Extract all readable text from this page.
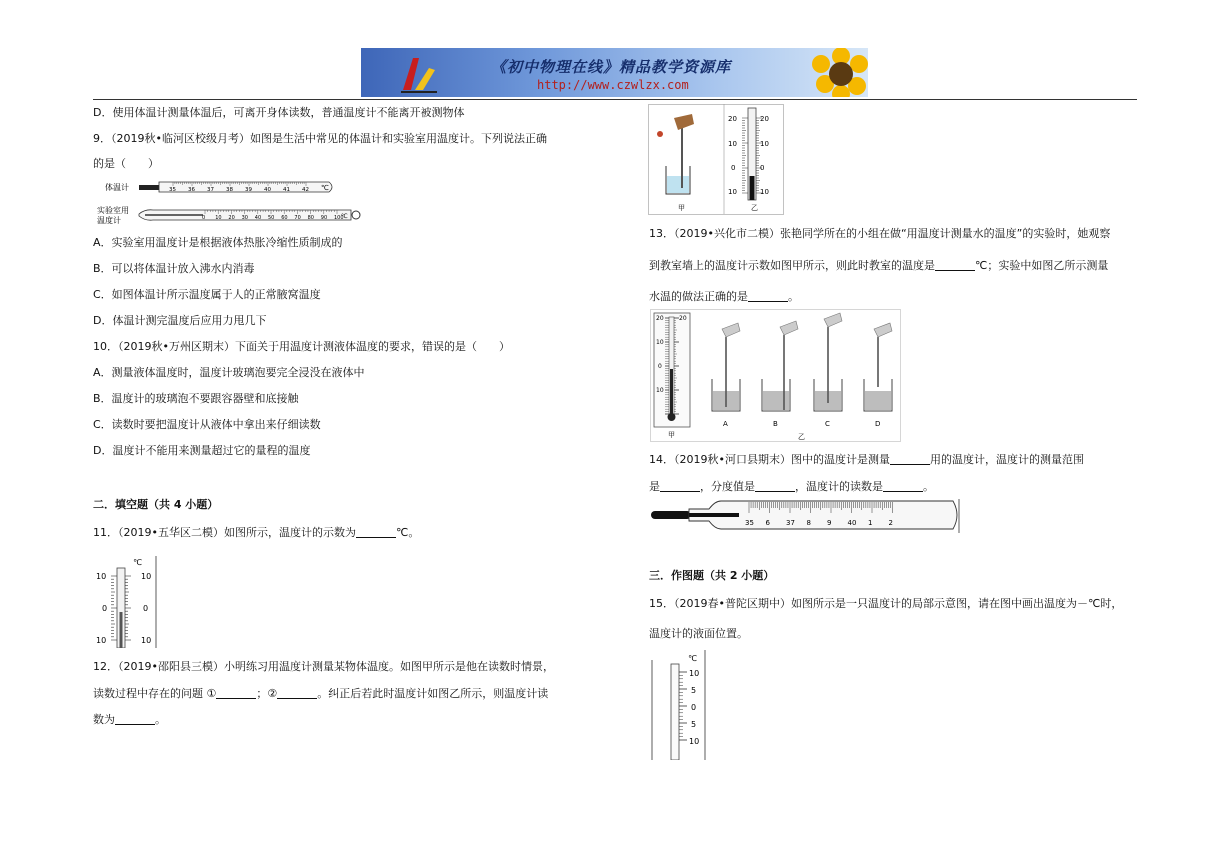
《初中物理在线》精品教学资源库
http://www.czwlzx.com
D．使用体温计测量体温后，可离开身体读数，普通温度计不能离开被测物体
9．（2019秋•临河区校级月考）如图是生活中常见的体温计和实验室用温度计。下列说法正确
的是（　　）
体温计	35 36 37 38 39 40 41 42 ℃
实验室用
温度计	0 10 20 30 40 50 60 70 80 90 100
℃
A．实验室用温度计是根据液体热胀冷缩性质制成的
B．可以将体温计放入沸水内消毒
C．如图体温计所示温度属于人的正常腋窝温度
D．体温计测完温度后应用力甩几下
10．（2019秋•万州区期末）下面关于用温度计测液体温度的要求，错误的是（　　）
A．测量液体温度时，温度计玻璃泡要完全浸没在液体中
B．温度计的玻璃泡不要跟容器壁和底接触
C．读数时要把温度计从液体中拿出来仔细读数
D．温度计不能用来测量超过它的量程的温度
二．填空题（共 4 小题）
11．（2019•五华区二模）如图所示，温度计的示数为	℃。
℃
10	10
0	0
10	10
12．（2019•邵阳县三模）小明练习用温度计测量某物体温度。如图甲所示是他在读数时情景，
读数过程中存在的问题 ①	；②	。纠正后若此时温度计如图乙所示，则温度计读
数为	。
甲
20	20
10	10
0	0
10	10
乙
13．（2019•兴化市二模）张艳同学所在的小组在做“用温度计测量水的温度”的实验时，她观察
到教室墙上的温度计示数如图甲所示，则此时教室的温度是	℃；实验中如图乙所示测量
水温的做法正确的是	。
20
10
0
10
20
甲
A	B	C	D
乙
14．（2019秋•河口县期末）图中的温度计是测量	用的温度计，温度计的测量范围
是	，分度值是	，温度计的读数是	。
35 6 37 8 9 40 1 2
三．作图题（共 2 小题）
15．（2019春•普陀区期中）如图所示是一只温度计的局部示意图，请在图中画出温度为－℃时，
温度计的液面位置。
℃
10
5
0
5
10
